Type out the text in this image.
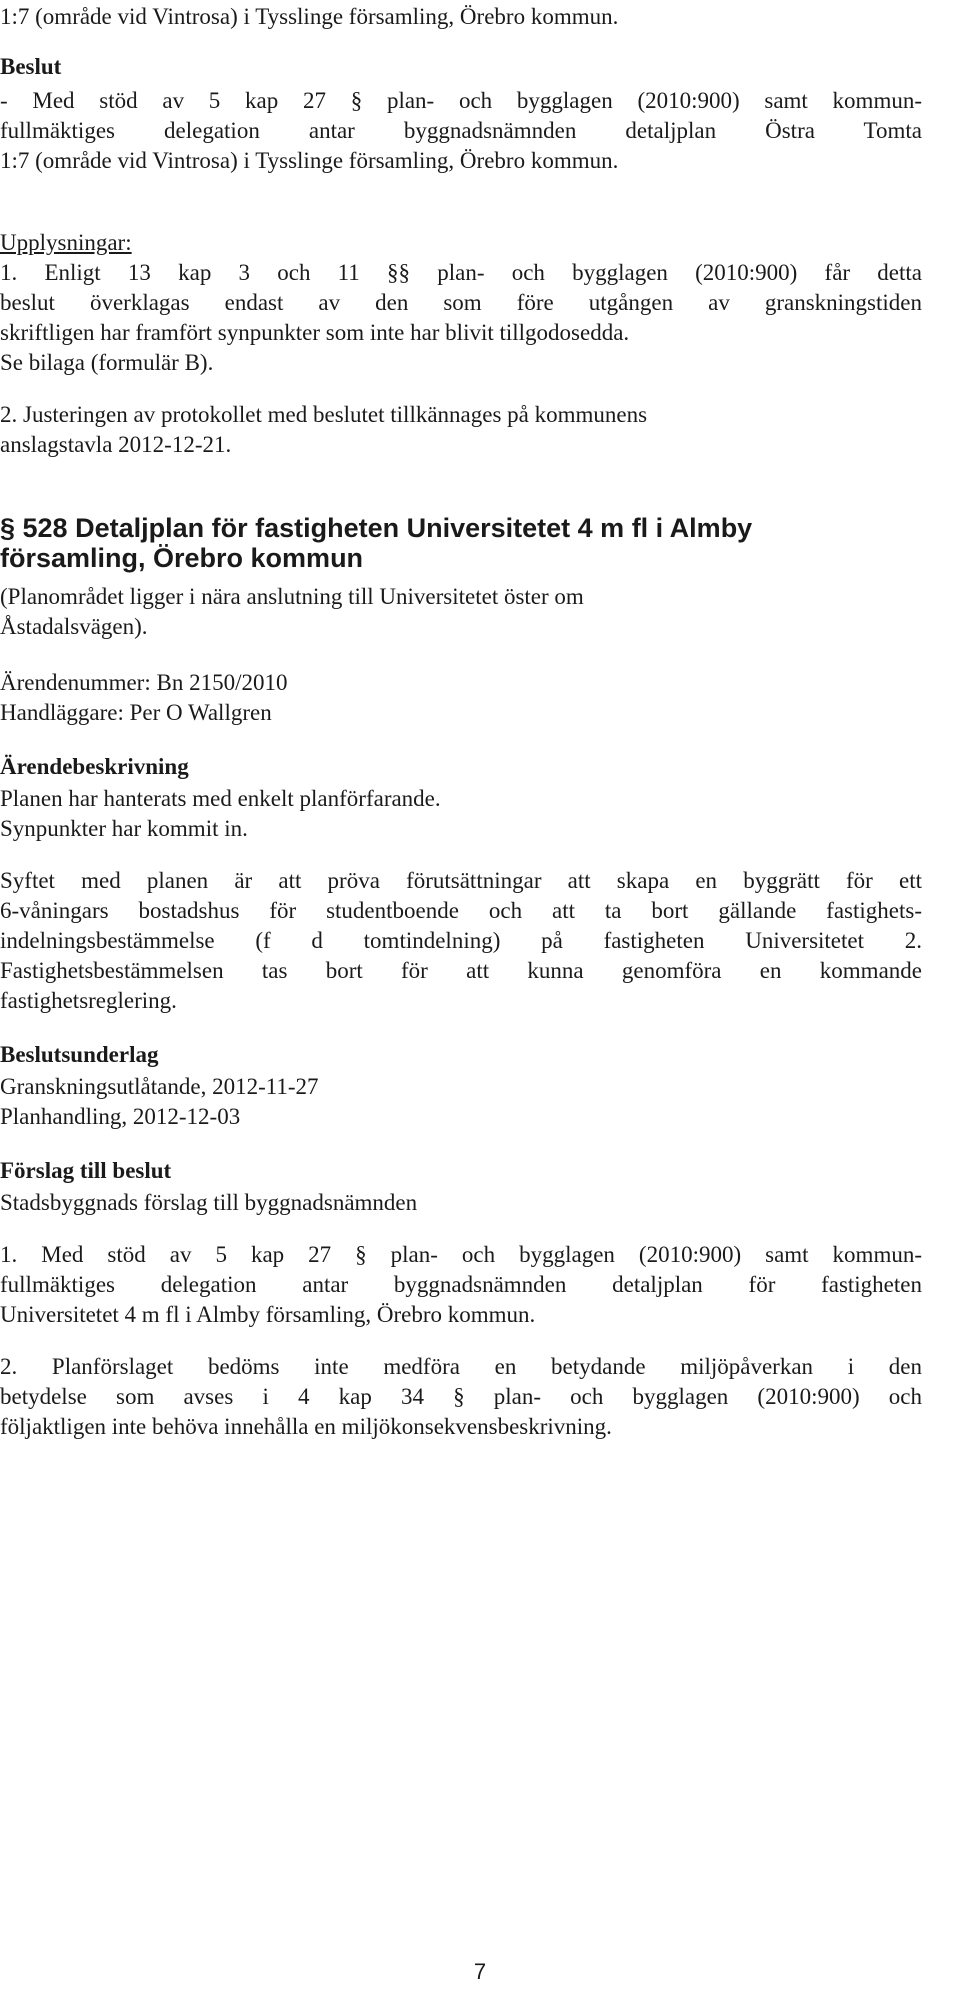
1:7 (område vid Vintrosa) i Tysslinge församling, Örebro kommun.
Beslut
- Med stöd av 5 kap 27 § plan- och bygglagen (2010:900) samt kommun-
fullmäktiges delegation antar byggnadsnämnden detaljplan Östra Tomta
1:7 (område vid Vintrosa) i Tysslinge församling, Örebro kommun.
Upplysningar:
1. Enligt 13 kap 3 och 11 §§ plan- och bygglagen (2010:900) får detta
beslut överklagas endast av den som före utgången av granskningstiden
skriftligen har framfört synpunkter som inte har blivit tillgodosedda.
Se bilaga (formulär B).
2. Justeringen av protokollet med beslutet tillkännages på kommunens
anslagstavla 2012-12-21.
§ 528 Detaljplan för fastigheten Universitetet 4 m fl i Almby
församling, Örebro kommun
(Planområdet ligger i nära anslutning till Universitetet öster om
Åstadalsvägen).
Ärendenummer: Bn 2150/2010
Handläggare: Per O Wallgren
Ärendebeskrivning
Planen har hanterats med enkelt planförfarande.
Synpunkter har kommit in.
Syftet med planen är att pröva förutsättningar att skapa en byggrätt för ett
6-våningars bostadshus för studentboende och att ta bort gällande fastighets-
indelningsbestämmelse (f d tomtindelning) på fastigheten Universitetet 2.
Fastighetsbestämmelsen tas bort för att kunna genomföra en kommande
fastighetsreglering.
Beslutsunderlag
Granskningsutlåtande, 2012-11-27
Planhandling, 2012-12-03
Förslag till beslut
Stadsbyggnads förslag till byggnadsnämnden
1. Med stöd av 5 kap 27 § plan- och bygglagen (2010:900) samt kommun-
fullmäktiges delegation antar byggnadsnämnden detaljplan för fastigheten
Universitetet 4 m fl i Almby församling, Örebro kommun.
2. Planförslaget bedöms inte medföra en betydande miljöpåverkan i den
betydelse som avses i 4 kap 34 § plan- och bygglagen (2010:900) och
följaktligen inte behöva innehålla en miljökonsekvensbeskrivning.
7
